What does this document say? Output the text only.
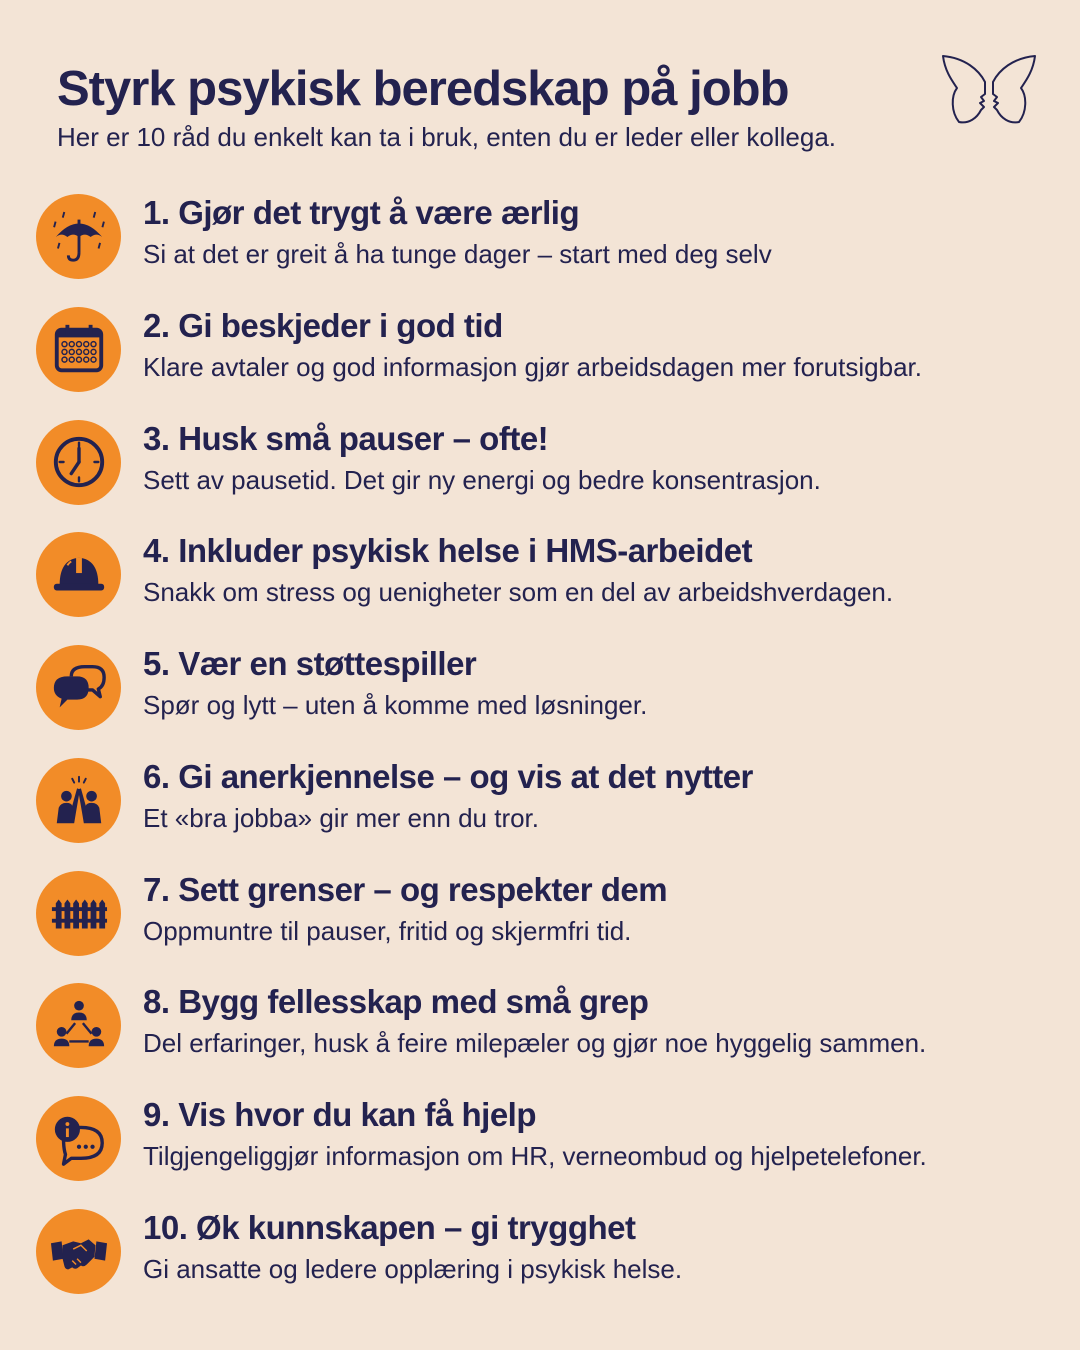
Styrk psykisk beredskap på jobb
Her er 10 råd du enkelt kan ta i bruk, enten du er leder eller kollega.
1. Gjør det trygt å være ærlig
Si at det er greit å ha tunge dager – start med deg selv
2. Gi beskjeder i god tid
Klare avtaler og god informasjon gjør arbeidsdagen mer forutsigbar.
3. Husk små pauser – ofte!
Sett av pausetid. Det gir ny energi og bedre konsentrasjon.
4. Inkluder psykisk helse i HMS-arbeidet
Snakk om stress og uenigheter som en del av arbeidshverdagen.
5. Vær en støttespiller
Spør og lytt – uten å komme med løsninger.
6. Gi anerkjennelse – og vis at det nytter
Et «bra jobba» gir mer enn du tror.
7. Sett grenser – og respekter dem
Oppmuntre til pauser, fritid og skjermfri tid.
8. Bygg fellesskap med små grep
Del erfaringer, husk å feire milepæler og gjør noe hyggelig sammen.
9. Vis hvor du kan få hjelp
Tilgjengeliggjør informasjon om HR, verneombud og hjelpetelefoner.
10. Øk kunnskapen – gi trygghet
Gi ansatte og ledere opplæring i psykisk helse.
